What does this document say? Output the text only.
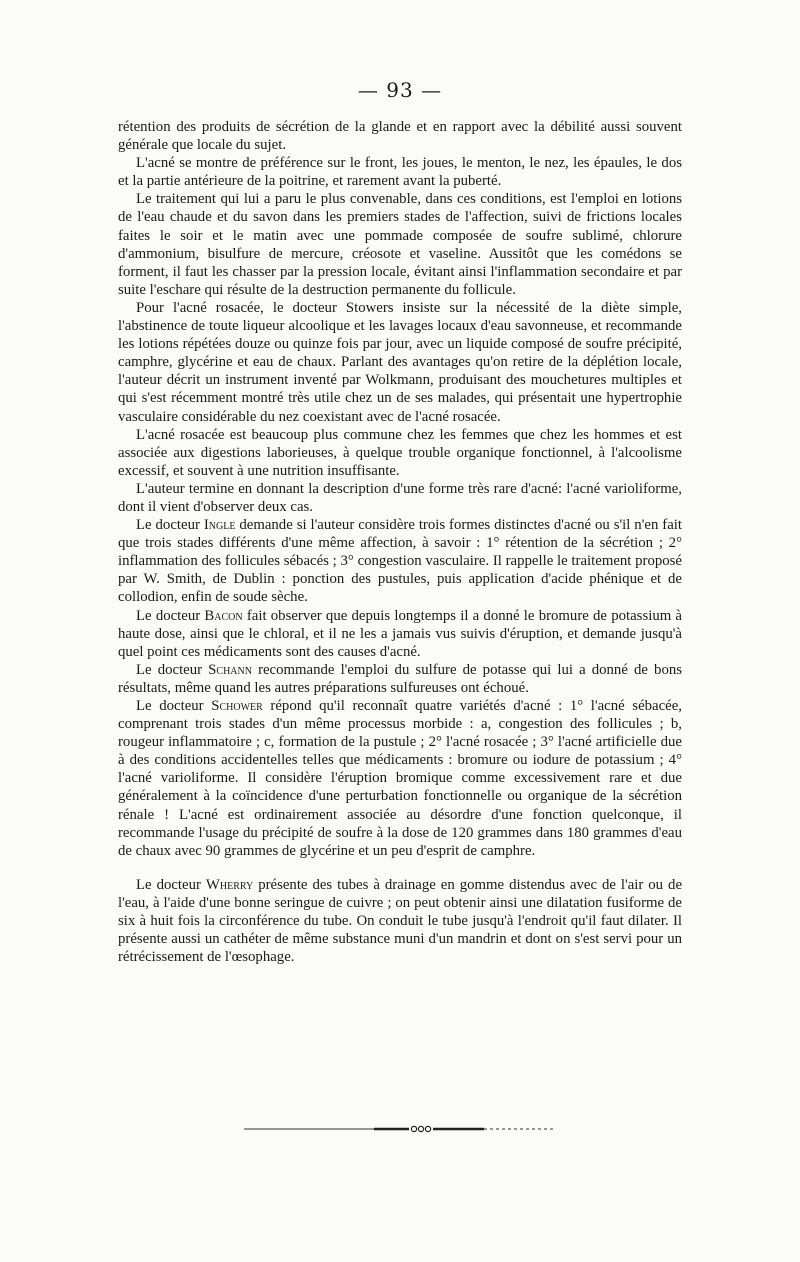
— 93 —

rétention des produits de sécrétion de la glande et en rapport avec la débilité aussi souvent générale que locale du sujet.

L'acné se montre de préférence sur le front, les joues, le menton, le nez, les épaules, le dos et la partie antérieure de la poitrine, et rarement avant la puberté.

Le traitement qui lui a paru le plus convenable, dans ces conditions, est l'emploi en lotions de l'eau chaude et du savon dans les premiers stades de l'affection, suivi de frictions locales faites le soir et le matin avec une pommade composée de soufre sublimé, chlorure d'ammonium, bisulfure de mercure, créosote et vaseline. Aussitôt que les comédons se forment, il faut les chasser par la pression locale, évitant ainsi l'inflammation secondaire et par suite l'eschare qui résulte de la destruction permanente du follicule.

Pour l'acné rosacée, le docteur Stowers insiste sur la nécessité de la diète simple, l'abstinence de toute liqueur alcoolique et les lavages locaux d'eau savonneuse, et recommande les lotions répétées douze ou quinze fois par jour, avec un liquide composé de soufre précipité, camphre, glycérine et eau de chaux. Parlant des avantages qu'on retire de la déplétion locale, l'auteur décrit un instrument inventé par Wolkmann, produisant des mouchetures multiples et qui s'est récemment montré très utile chez un de ses malades, qui présentait une hypertrophie vasculaire considérable du nez coexistant avec de l'acné rosacée.

L'acné rosacée est beaucoup plus commune chez les femmes que chez les hommes et est associée aux digestions laborieuses, à quelque trouble organique fonctionnel, à l'alcoolisme excessif, et souvent à une nutrition insuffisante.

L'auteur termine en donnant la description d'une forme très rare d'acné: l'acné varioliforme, dont il vient d'observer deux cas.

Le docteur Ingle demande si l'auteur considère trois formes distinctes d'acné ou s'il n'en fait que trois stades différents d'une même affection, à savoir : 1° rétention de la sécrétion ; 2° inflammation des follicules sébacés ; 3° congestion vasculaire. Il rappelle le traitement proposé par W. Smith, de Dublin : ponction des pustules, puis application d'acide phénique et de collodion, enfin de soude sèche.

Le docteur Bacon fait observer que depuis longtemps il a donné le bromure de potassium à haute dose, ainsi que le chloral, et il ne les a jamais vus suivis d'éruption, et demande jusqu'à quel point ces médicaments sont des causes d'acné.

Le docteur Schann recommande l'emploi du sulfure de potasse qui lui a donné de bons résultats, même quand les autres préparations sulfureuses ont échoué.

Le docteur Schower répond qu'il reconnaît quatre variétés d'acné : 1° l'acné sébacée, comprenant trois stades d'un même processus morbide : a, congestion des follicules ; b, rougeur inflammatoire ; c, formation de la pustule ; 2° l'acné rosacée ; 3° l'acné artificielle due à des conditions accidentelles telles que médicaments : bromure ou iodure de potassium ; 4° l'acné varioliforme. Il considère l'éruption bromique comme excessivement rare et due généralement à la coïncidence d'une perturbation fonctionnelle ou organique de la sécrétion rénale ! L'acné est ordinairement associée au désordre d'une fonction quelconque, il recommande l'usage du précipité de soufre à la dose de 120 grammes dans 180 grammes d'eau de chaux avec 90 grammes de glycérine et un peu d'esprit de camphre.

Le docteur Wherry présente des tubes à drainage en gomme distendus avec de l'air ou de l'eau, à l'aide d'une bonne seringue de cuivre ; on peut obtenir ainsi une dilatation fusiforme de six à huit fois la circonférence du tube. On conduit le tube jusqu'à l'endroit qu'il faut dilater. Il présente aussi un cathéter de même substance muni d'un mandrin et dont on s'est servi pour un rétrécissement de l'œsophage.
